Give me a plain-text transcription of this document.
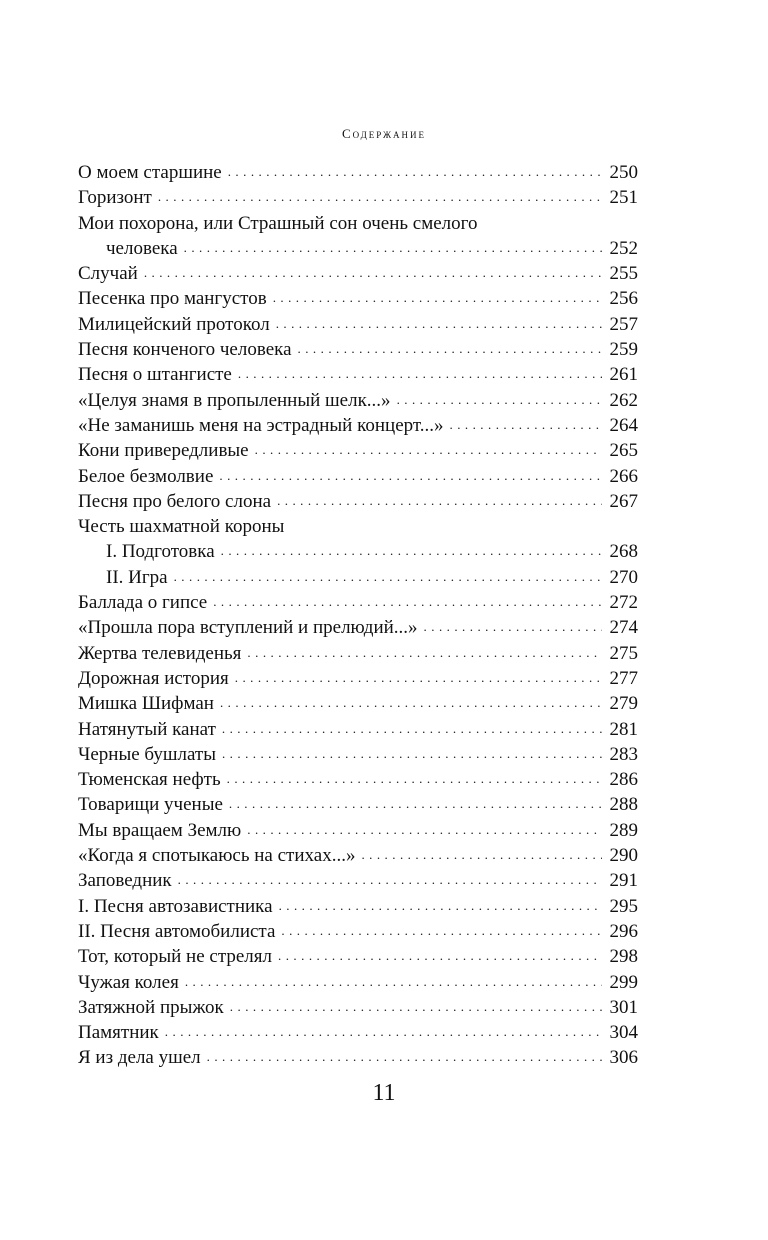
Содержание
О моем старшине . . .	250
Горизонт . . .	251
Мои похорона, или Страшный сон очень смелого
человека . . .	252
Случай . . .	255
Песенка про мангустов . . .	256
Милицейский протокол . . .	257
Песня конченого человека . . .	259
Песня о штангисте . . .	261
«Целуя знамя в пропыленный шелк...» . . .	262
«Не заманишь меня на эстрадный концерт...» . . .	264
Кони привередливые . . .	265
Белое безмолвие . . .	266
Песня про белого слона . . .	267
Честь шахматной короны
I. Подготовка . . .	268
II. Игра . . .	270
Баллада о гипсе . . .	272
«Прошла пора вступлений и прелюдий...» . . .	274
Жертва телевиденья . . .	275
Дорожная история . . .	277
Мишка Шифман . . .	279
Натянутый канат . . .	281
Черные бушлаты . . .	283
Тюменская нефть . . .	286
Товарищи ученые . . .	288
Мы вращаем Землю . . .	289
«Когда я спотыкаюсь на стихах...» . . .	290
Заповедник . . .	291
I. Песня автозавистника . . .	295
II. Песня автомобилиста . . .	296
Тот, который не стрелял . . .	298
Чужая колея . . .	299
Затяжной прыжок . . .	301
Памятник . . .	304
Я из дела ушел . . .	306
11
